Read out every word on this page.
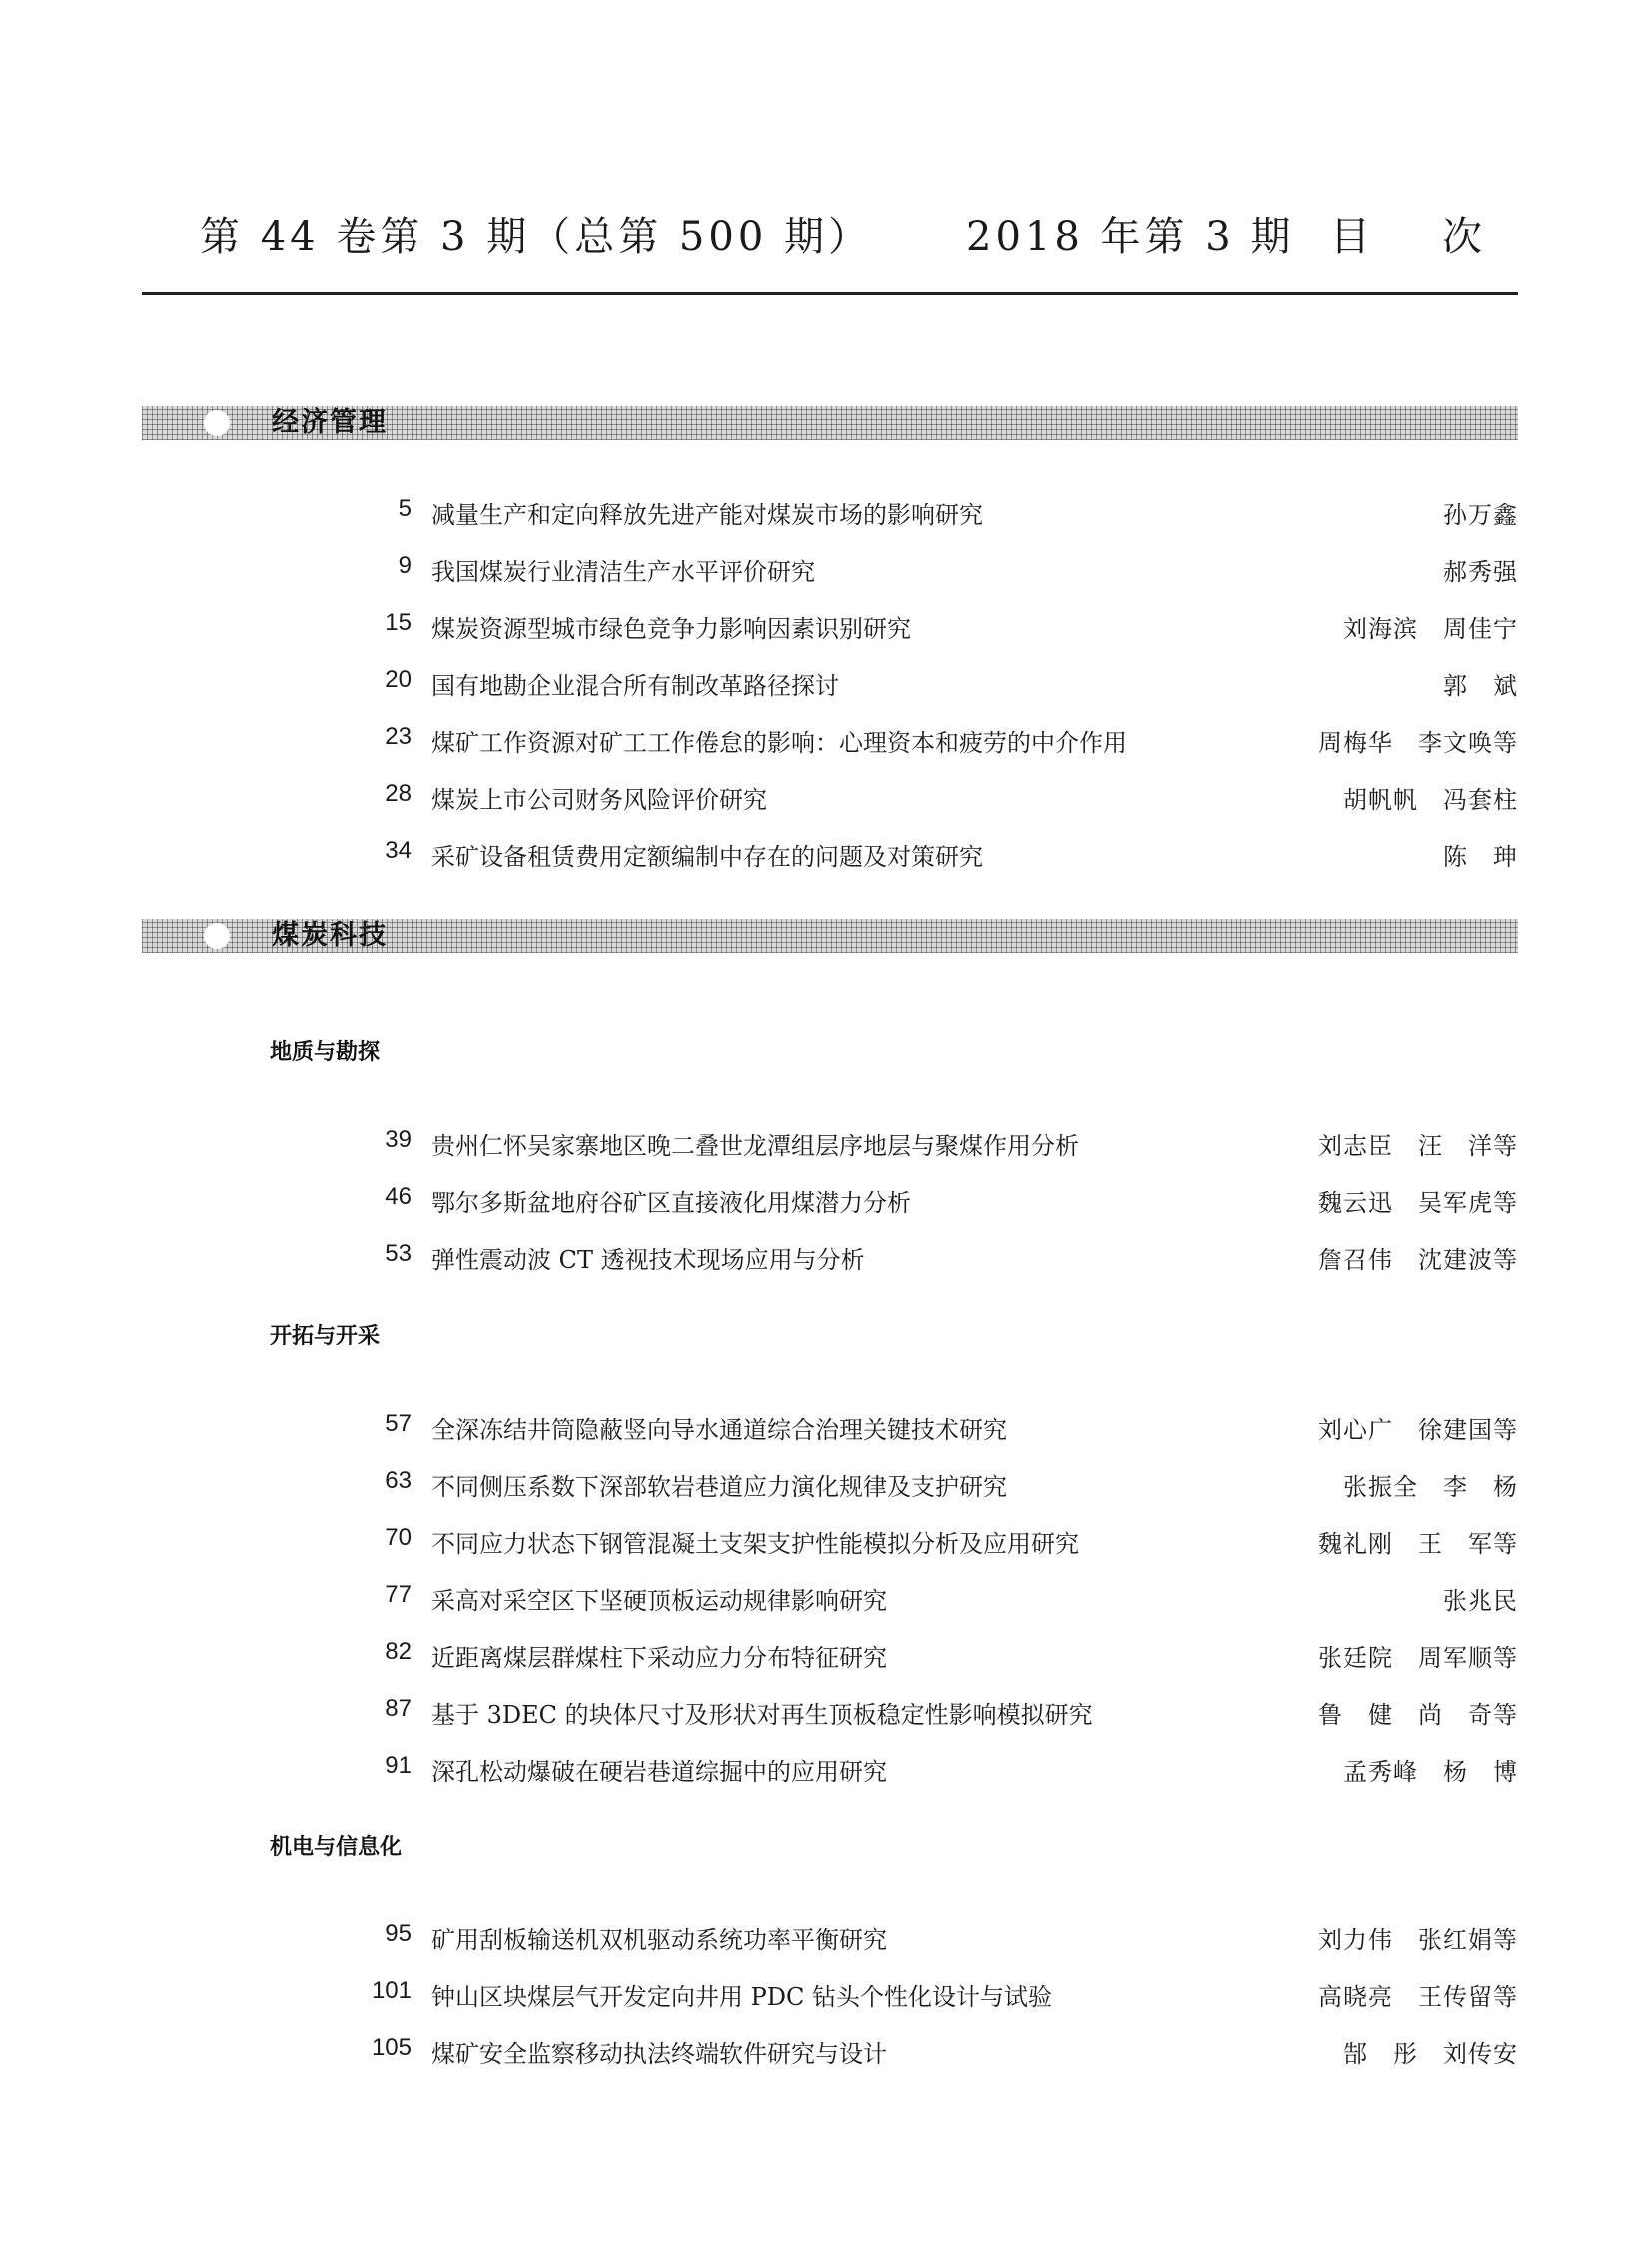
第 44 卷第 3 期（总第 500 期） 2018 年第 3 期 目 次
经济管理
5 减量生产和定向释放先进产能对煤炭市场的影响研究	孙万鑫
9 我国煤炭行业清洁生产水平评价研究	郝秀强
15 煤炭资源型城市绿色竞争力影响因素识别研究	刘海滨　周佳宁
20 国有地勘企业混合所有制改革路径探讨	郭　斌
23 煤矿工作资源对矿工工作倦怠的影响：心理资本和疲劳的中介作用	周梅华　李文唤等
28 煤炭上市公司财务风险评价研究	胡帆帆　冯套柱
34 采矿设备租赁费用定额编制中存在的问题及对策研究	陈　珅
煤炭科技
地质与勘探
39 贵州仁怀吴家寨地区晚二叠世龙潭组层序地层与聚煤作用分析	刘志臣　汪　洋等
46 鄂尔多斯盆地府谷矿区直接液化用煤潜力分析	魏云迅　吴军虎等
53 弹性震动波 CT 透视技术现场应用与分析	詹召伟　沈建波等
开拓与开采
57 全深冻结井筒隐蔽竖向导水通道综合治理关键技术研究	刘心广　徐建国等
63 不同侧压系数下深部软岩巷道应力演化规律及支护研究	张振全　李　杨
70 不同应力状态下钢管混凝土支架支护性能模拟分析及应用研究	魏礼刚　王　军等
77 采高对采空区下坚硬顶板运动规律影响研究	张兆民
82 近距离煤层群煤柱下采动应力分布特征研究	张廷院　周军顺等
87 基于 3DEC 的块体尺寸及形状对再生顶板稳定性影响模拟研究	鲁　健　尚　奇等
91 深孔松动爆破在硬岩巷道综掘中的应用研究	孟秀峰　杨　博
机电与信息化
95 矿用刮板输送机双机驱动系统功率平衡研究	刘力伟　张红娟等
101 钟山区块煤层气开发定向井用 PDC 钻头个性化设计与试验	高晓亮　王传留等
105 煤矿安全监察移动执法终端软件研究与设计	郜　彤　刘传安
